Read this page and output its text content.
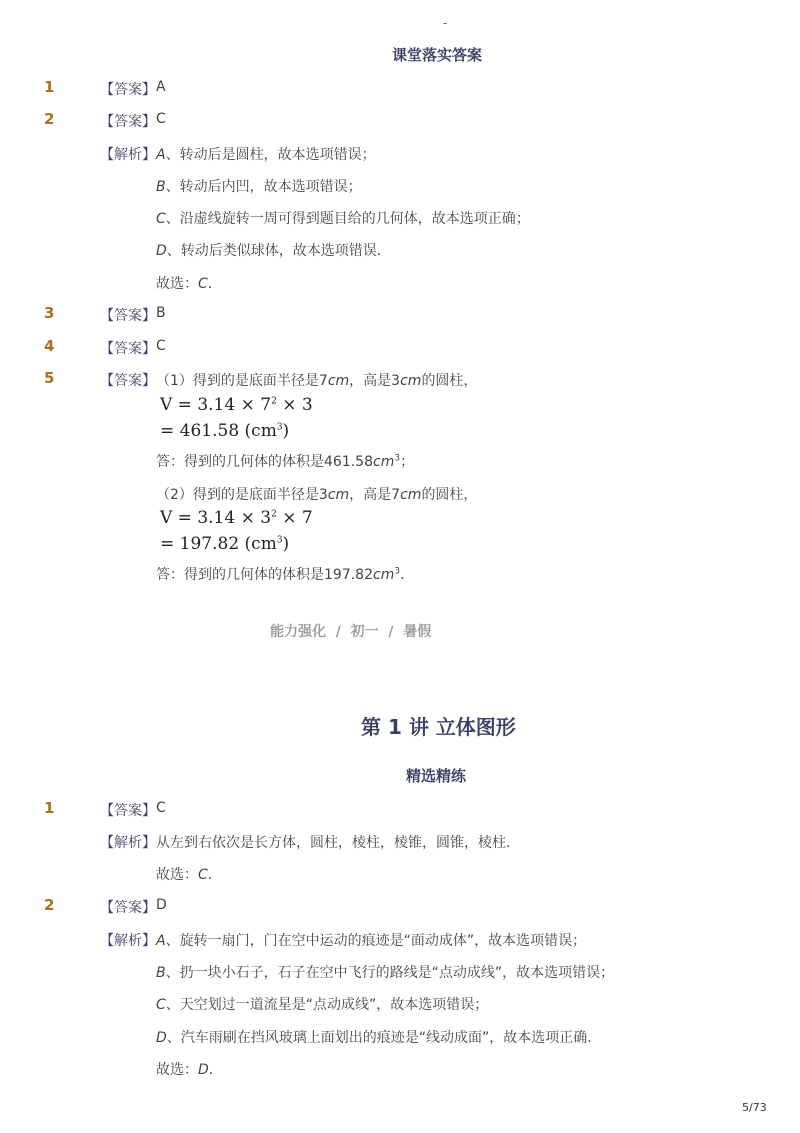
-
课堂落实答案
1	【答案】 A
2	【答案】 C
【解析】 A、转动后是圆柱，故本选项错误；
B、转动后内凹，故本选项错误；
C、沿虚线旋转一周可得到题目给的几何体，故本选项正确；
D、转动后类似球体，故本选项错误．
故选：C．
3	【答案】 B
4	【答案】 C
5	【答案】 （1）得到的是底面半径是7cm，高是3cm的圆柱，
$V = 3.14 \times 7^2 \times 3$
= 461.58 $(cm^3)$
答：得到的几何体的体积是$461.58cm^3$；
（2）得到的是底面半径是3cm，高是7cm的圆柱，
$V = 3.14 \times 3^2 \times 7$
= 197.82 $(cm^3)$
答：得到的几何体的体积是$197.82cm^3$．
能力强化 / 初一 / 暑假
第 1 讲 立体图形
精选精练
1	【答案】 C
【解析】 从左到右依次是长方体，圆柱，棱柱，棱锥，圆锥，棱柱．
故选：C．
2	【答案】 D
【解析】 A、旋转一扇门，门在空中运动的痕迹是“面动成体”，故本选项错误；
B、扔一块小石子，石子在空中飞行的路线是“点动成线”，故本选项错误；
C、天空划过一道流星是“点动成线”，故本选项错误；
D、汽车雨刷在挡风玻璃上面划出的痕迹是“线动成面”，故本选项正确．
故选：D．
5/73
